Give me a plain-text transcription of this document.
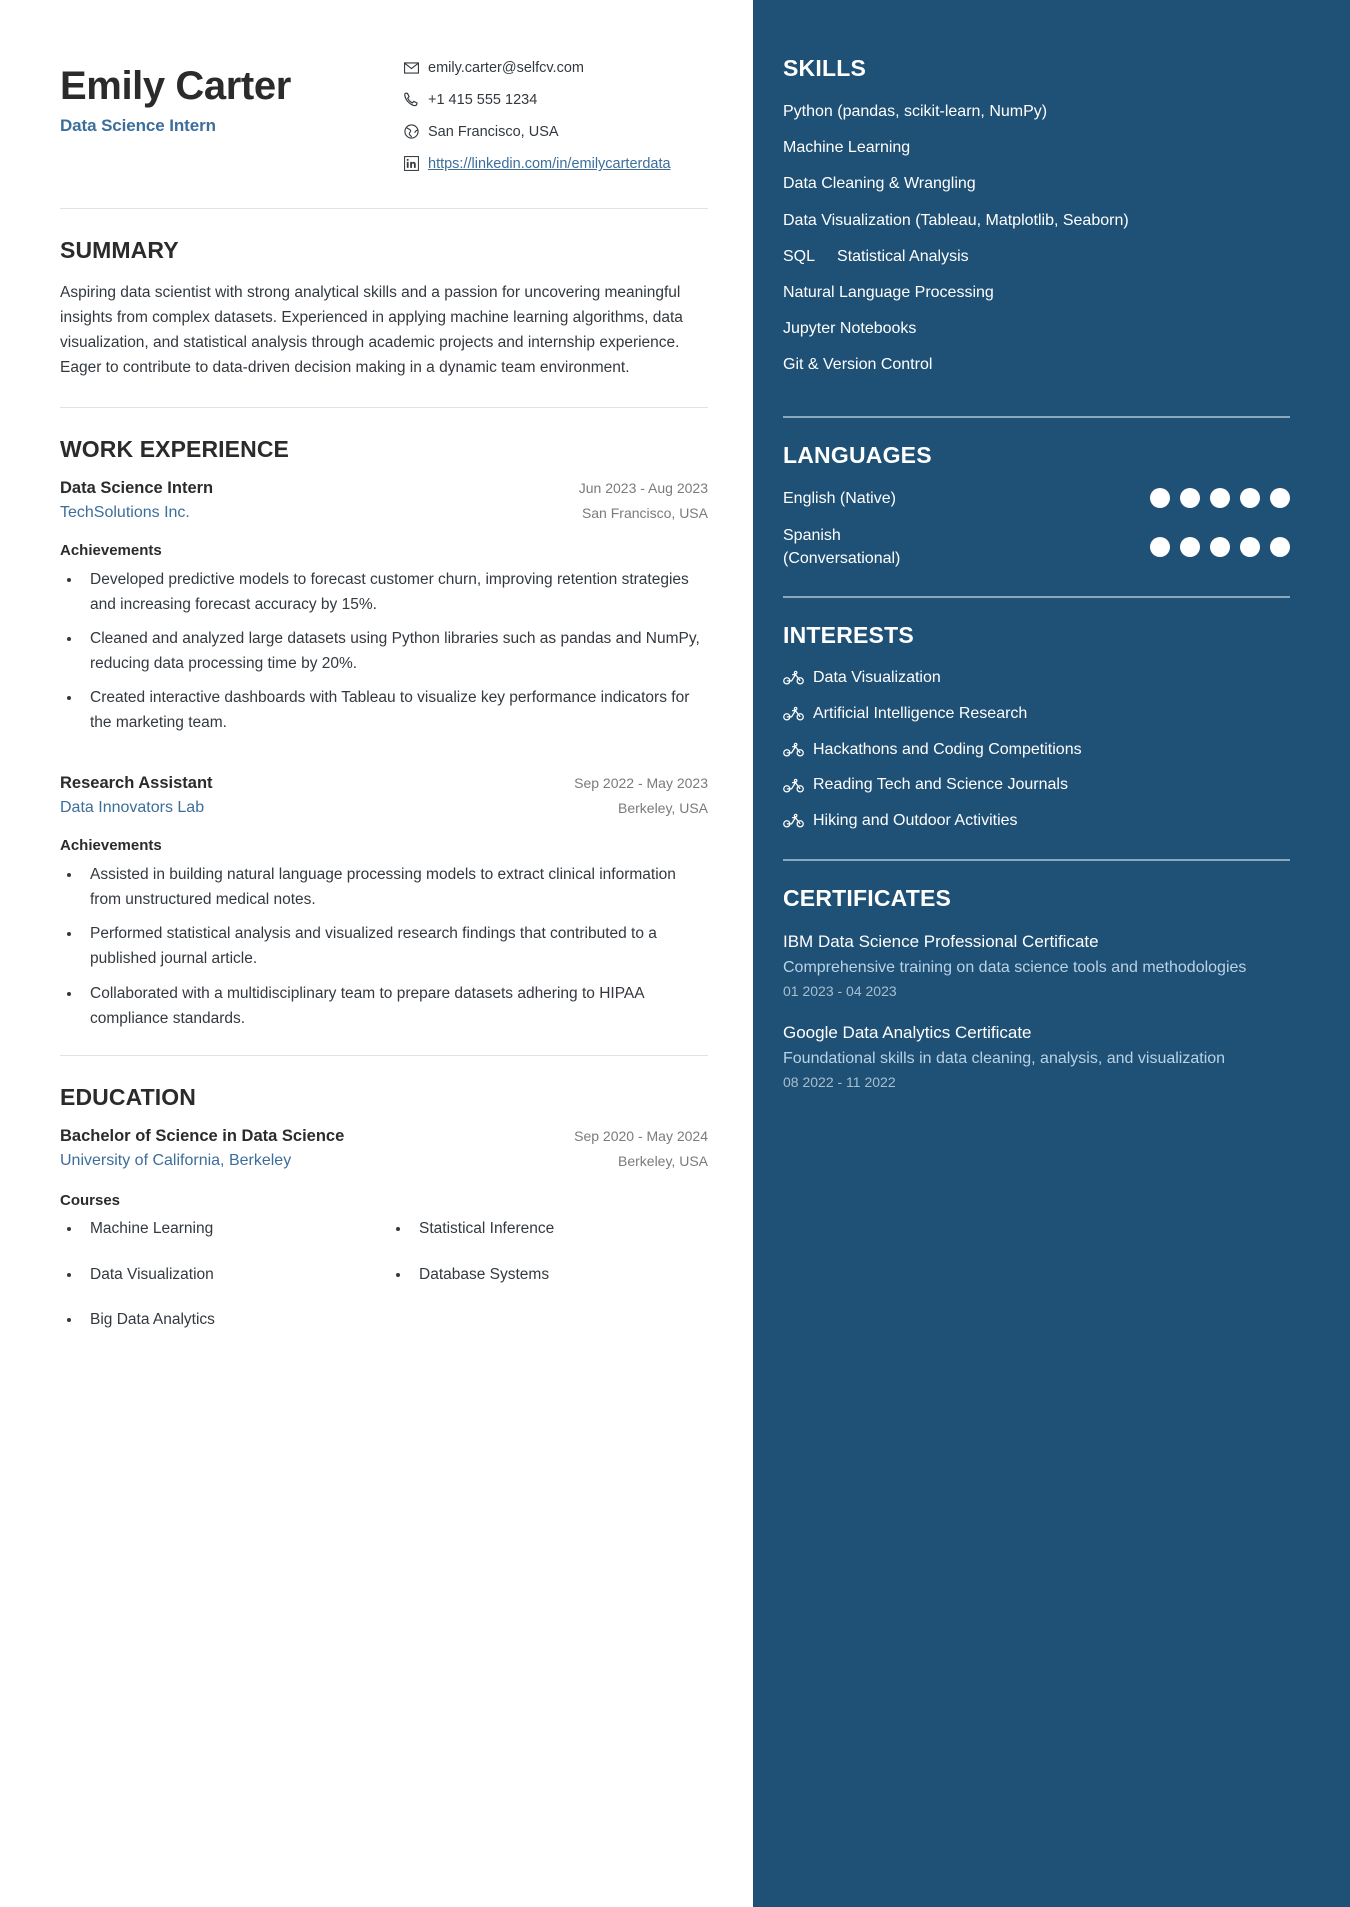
Emily Carter
Data Science Intern
emily.carter@selfcv.com
+1 415 555 1234
San Francisco, USA
https://linkedin.com/in/emilycarterdata
SUMMARY
Aspiring data scientist with strong analytical skills and a passion for uncovering meaningful insights from complex datasets. Experienced in applying machine learning algorithms, data visualization, and statistical analysis through academic projects and internship experience. Eager to contribute to data-driven decision making in a dynamic team environment.
WORK EXPERIENCE
Data Science Intern
TechSolutions Inc.
Jun 2023 - Aug 2023
San Francisco, USA
Achievements
• Developed predictive models to forecast customer churn, improving retention strategies and increasing forecast accuracy by 15%.
• Cleaned and analyzed large datasets using Python libraries such as pandas and NumPy, reducing data processing time by 20%.
• Created interactive dashboards with Tableau to visualize key performance indicators for the marketing team.
Research Assistant
Data Innovators Lab
Sep 2022 - May 2023
Berkeley, USA
Achievements
• Assisted in building natural language processing models to extract clinical information from unstructured medical notes.
• Performed statistical analysis and visualized research findings that contributed to a published journal article.
• Collaborated with a multidisciplinary team to prepare datasets adhering to HIPAA compliance standards.
EDUCATION
Bachelor of Science in Data Science
University of California, Berkeley
Sep 2020 - May 2024
Berkeley, USA
Courses
• Machine Learning
• Data Visualization
• Big Data Analytics
• Statistical Inference
• Database Systems
SKILLS
Python (pandas, scikit-learn, NumPy)
Machine Learning
Data Cleaning & Wrangling
Data Visualization (Tableau, Matplotlib, Seaborn)
SQL Statistical Analysis
Natural Language Processing
Jupyter Notebooks
Git & Version Control
LANGUAGES
English (Native)
Spanish (Conversational)
INTERESTS
Data Visualization
Artificial Intelligence Research
Hackathons and Coding Competitions
Reading Tech and Science Journals
Hiking and Outdoor Activities
CERTIFICATES
IBM Data Science Professional Certificate
Comprehensive training on data science tools and methodologies
01 2023 - 04 2023
Google Data Analytics Certificate
Foundational skills in data cleaning, analysis, and visualization
08 2022 - 11 2022
